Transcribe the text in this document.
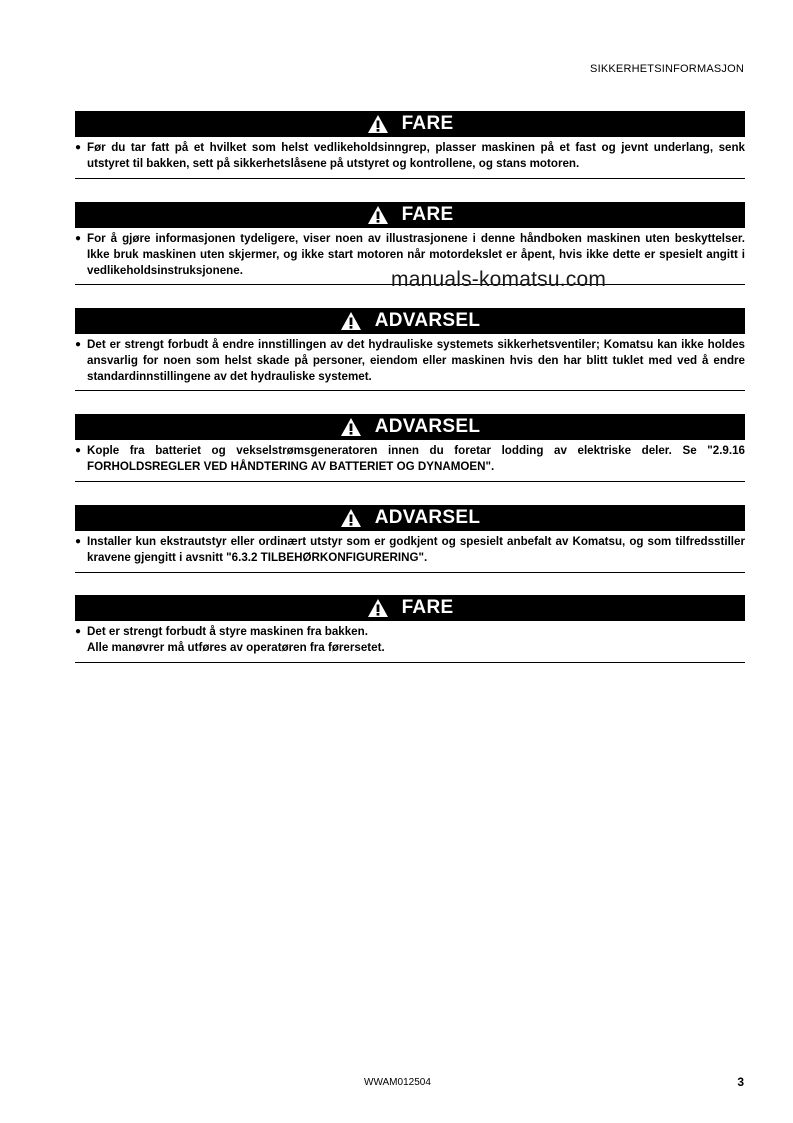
SIKKERHETSINFORMASJON
FARE
● Før du tar fatt på et hvilket som helst vedlikeholdsinngrep, plasser maskinen på et fast og jevnt underlang, senk utstyret til bakken, sett på sikkerhetslåsene på utstyret og kontrollene, og stans motoren.
FARE
● For å gjøre informasjonen tydeligere, viser noen av illustrasjonene i denne håndboken maskinen uten beskyttelser. Ikke bruk maskinen uten skjermer, og ikke start motoren når motordekslet er åpent, hvis ikke dette er spesielt angitt i vedlikeholdsinstruksjonene.	manuals-komatsu.com
ADVARSEL
● Det er strengt forbudt å endre innstillingen av det hydrauliske systemets sikkerhetsventiler; Komatsu kan ikke holdes ansvarlig for noen som helst skade på personer, eiendom eller maskinen hvis den har blitt tuklet med ved å endre standardinnstillingene av det hydrauliske systemet.
ADVARSEL
● Kople fra batteriet og vekselstrømsgeneratoren innen du foretar lodding av elektriske deler. Se "2.9.16 FORHOLDSREGLER VED HÅNDTERING AV BATTERIET OG DYNAMOEN".
ADVARSEL
● Installer kun ekstrautstyr eller ordinært utstyr som er godkjent og spesielt anbefalt av Komatsu, og som tilfredsstiller kravene gjengitt i avsnitt "6.3.2 TILBEHØRKONFIGURERING".
FARE
● Det er strengt forbudt å styre maskinen fra bakken.
Alle manøvrer må utføres av operatøren fra førersetet.
WWAM012504	3
